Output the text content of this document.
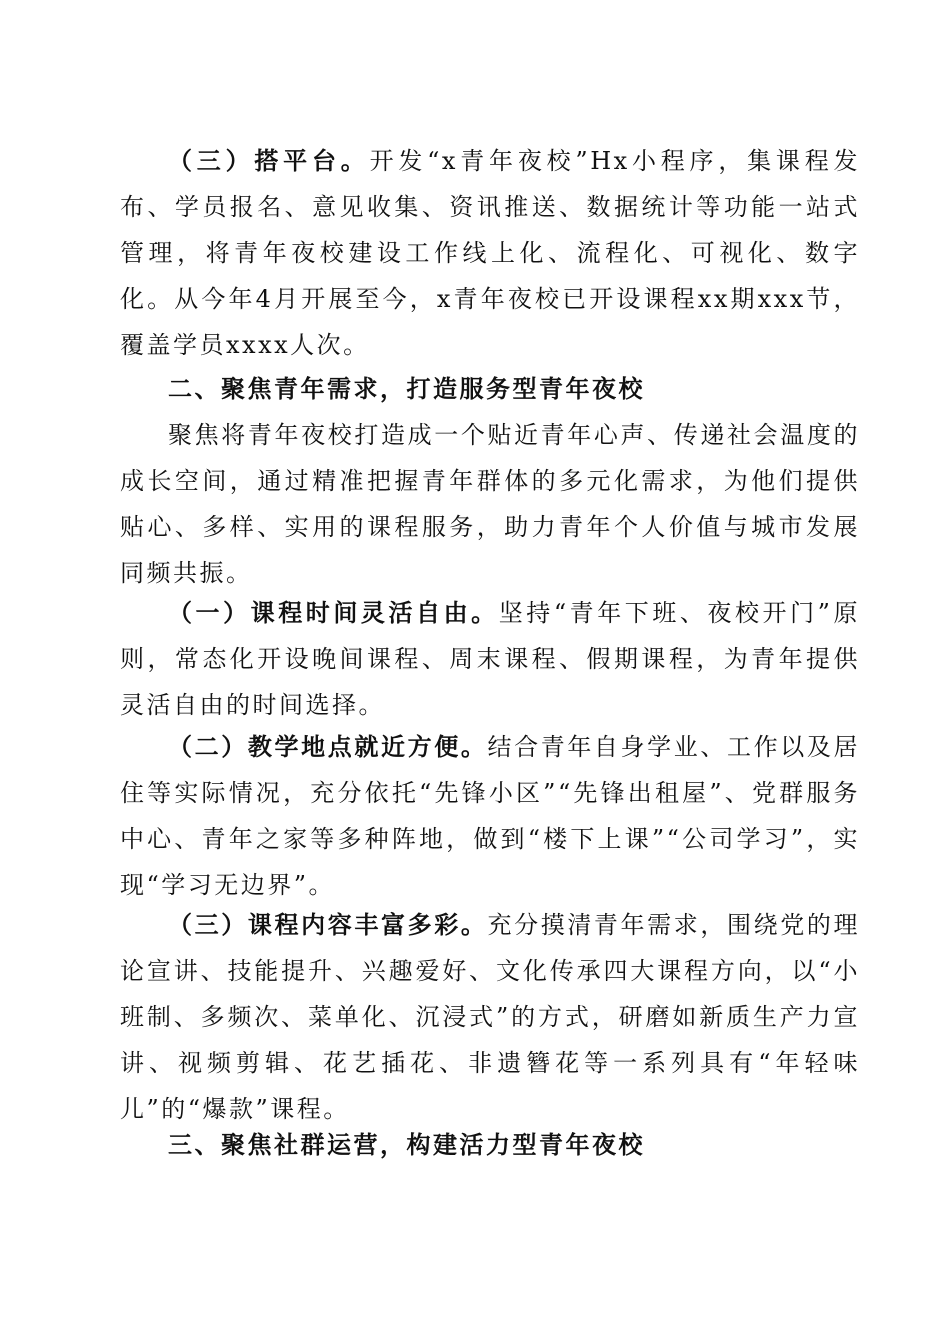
（三）搭平台。开发“x青年夜校”Hx小程序，集课程发布、学员报名、意见收集、资讯推送、数据统计等功能一站式管理，将青年夜校建设工作线上化、流程化、可视化、数字化。从今年4月开展至今，x青年夜校已开设课程xx期xxx节，覆盖学员xxxx人次。

二、聚焦青年需求，打造服务型青年夜校

聚焦将青年夜校打造成一个贴近青年心声、传递社会温度的成长空间，通过精准把握青年群体的多元化需求，为他们提供贴心、多样、实用的课程服务，助力青年个人价值与城市发展同频共振。

（一）课程时间灵活自由。坚持“青年下班、夜校开门”原则，常态化开设晚间课程、周末课程、假期课程，为青年提供灵活自由的时间选择。

（二）教学地点就近方便。结合青年自身学业、工作以及居住等实际情况，充分依托“先锋小区”“先锋出租屋”、党群服务中心、青年之家等多种阵地，做到“楼下上课”“公司学习”，实现“学习无边界”。

（三）课程内容丰富多彩。充分摸清青年需求，围绕党的理论宣讲、技能提升、兴趣爱好、文化传承四大课程方向，以“小班制、多频次、菜单化、沉浸式”的方式，研磨如新质生产力宣讲、视频剪辑、花艺插花、非遗簪花等一系列具有“年轻味儿”的“爆款”课程。

三、聚焦社群运营，构建活力型青年夜校
